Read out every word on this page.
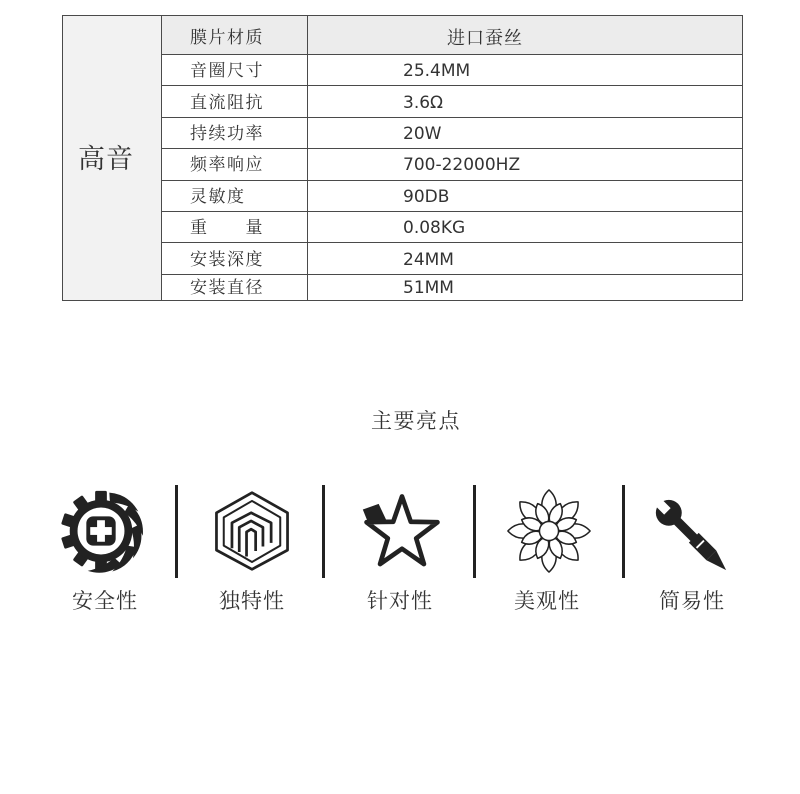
高音	膜片材质	进口蚕丝
	音圈尺寸	25.4MM
	直流阻抗	3.6Ω
	持续功率	20W
	频率响应	700-22000HZ
	灵敏度	90DB
	重　　量	0.08KG
	安装深度	24MM
	安装直径	51MM
主要亮点
安全性	独特性	针对性	美观性	简易性
